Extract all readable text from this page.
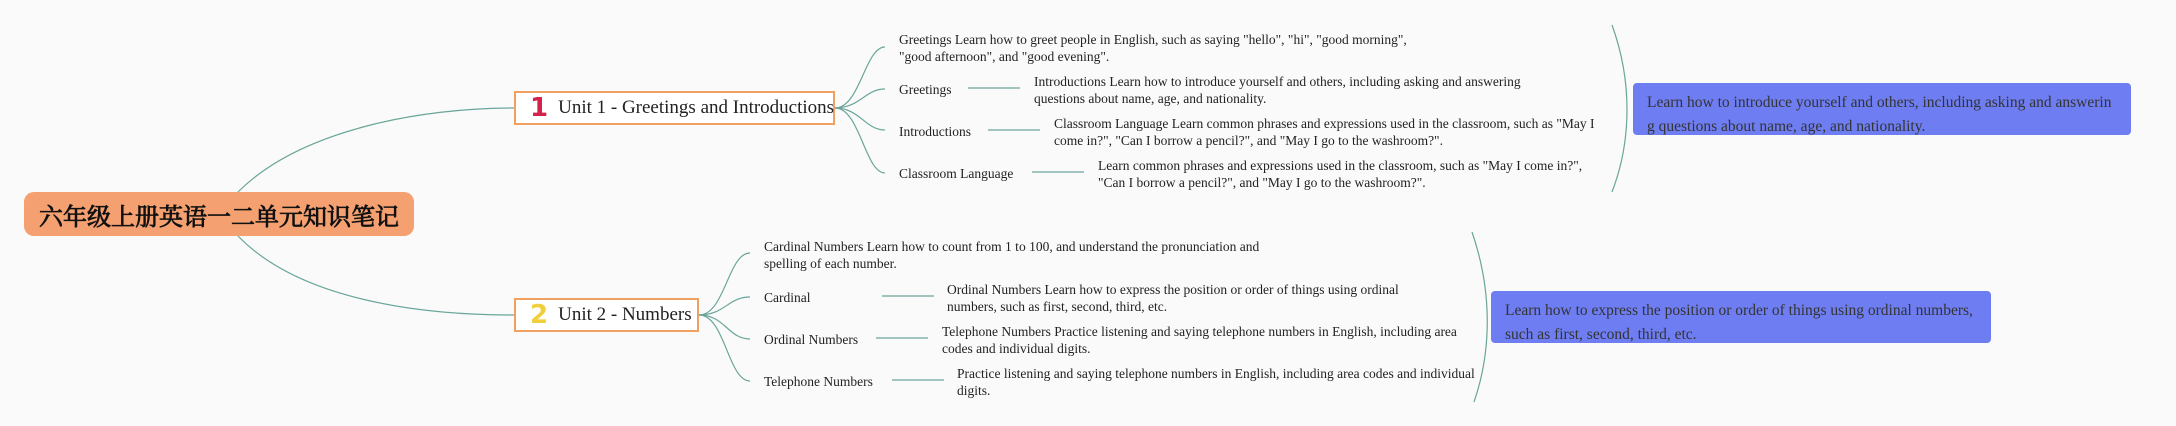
六年级上册英语一二单元知识笔记
1 Unit 1 - Greetings and Introductions
Greetings Learn how to greet people in English, such as saying "hello", "hi", "good morning", "good afternoon", and "good evening".
Greetings
Introductions Learn how to introduce yourself and others, including asking and answering questions about name, age, and nationality.
Introductions
Classroom Language Learn common phrases and expressions used in the classroom, such as "May I come in?", "Can I borrow a pencil?", and "May I go to the washroom?".
Classroom Language
Learn common phrases and expressions used in the classroom, such as "May I come in?", "Can I borrow a pencil?", and "May I go to the washroom?".
Learn how to introduce yourself and others, including asking and answering questions about name, age, and nationality.
2 Unit 2 - Numbers
Cardinal Numbers Learn how to count from 1 to 100, and understand the pronunciation and spelling of each number.
Cardinal
Ordinal Numbers Learn how to express the position or order of things using ordinal numbers, such as first, second, third, etc.
Ordinal Numbers
Telephone Numbers Practice listening and saying telephone numbers in English, including area codes and individual digits.
Telephone Numbers
Practice listening and saying telephone numbers in English, including area codes and individual digits.
Learn how to express the position or order of things using ordinal numbers, such as first, second, third, etc.
